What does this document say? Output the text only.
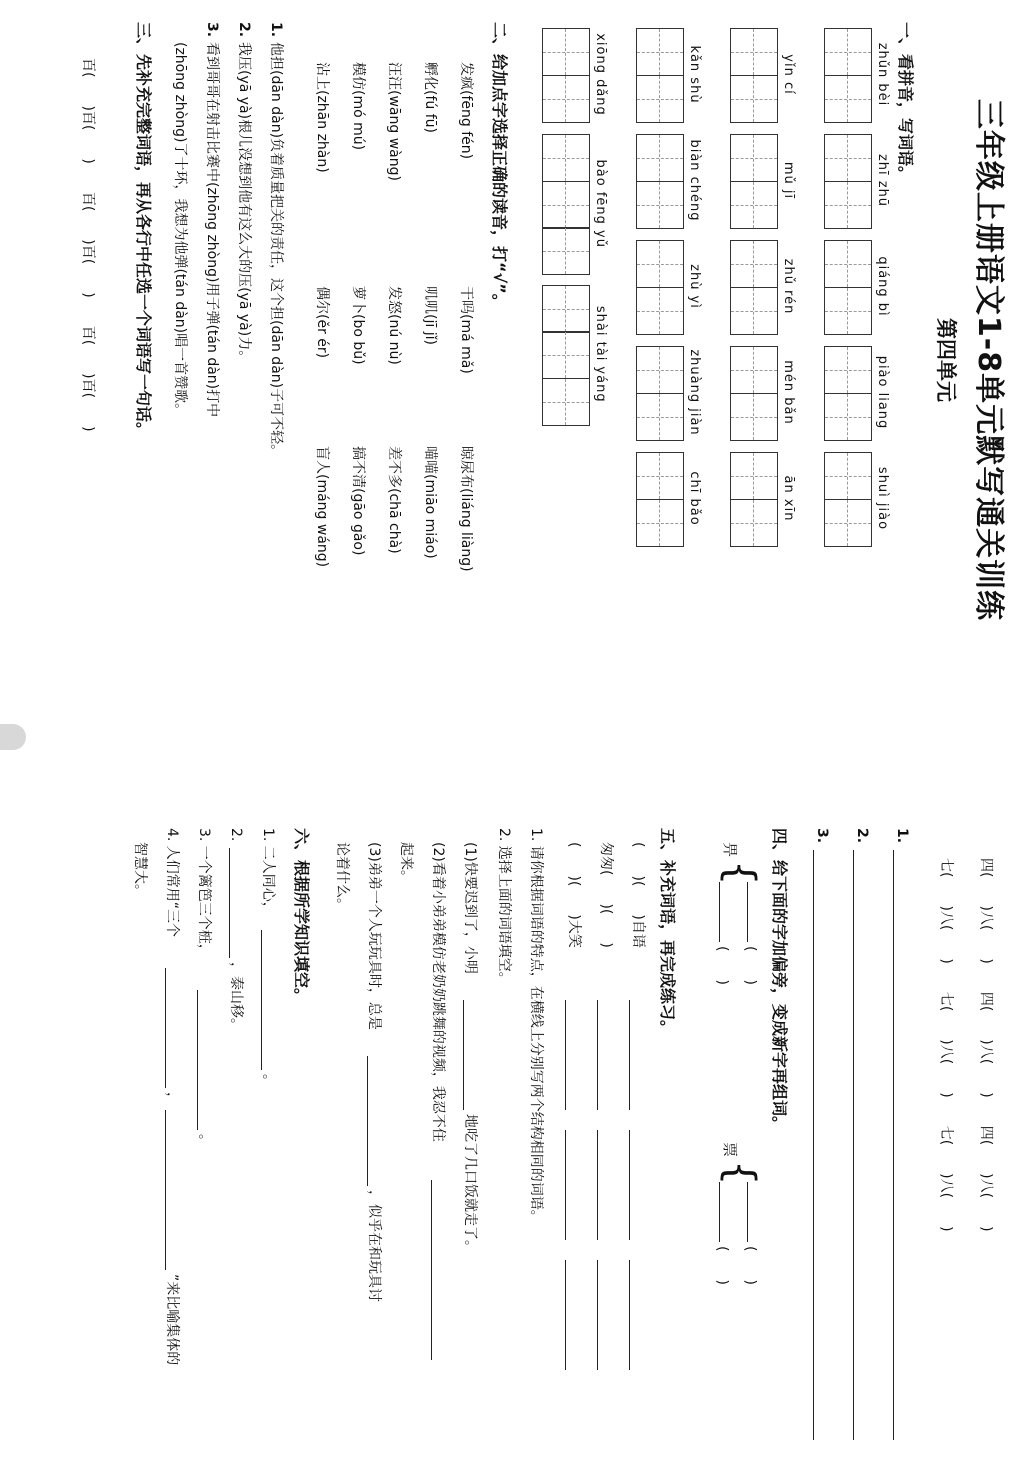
三年级上册语文1-8单元默写通关训练
第四单元
一、看拼音，写词语。
zhǔn bèi
zhī zhū
qiáng bì
piào liang
shuì jiào
yǐn cí
mǔ jī
zhǔ rén
mén bǎn
ān xīn
kǎn shù
biàn chéng
zhù yì
zhuàng jiàn
chī bǎo
xiōng dǎng
bào fēng yǔ
shài tài yáng
二、给加点字选择正确的读音，打“√”。
发疯(fēng fén)
干吗(má mǎ)
晾尿布(liáng liàng)
孵化(fú fū)
叽叽(jī jǐ)
喵喵(miāo miáo)
汪汪(wāng wàng)
发怒(nú nù)
差不多(chā chà)
模仿(mó mú)
萝卜(bo bǔ)
搞不清(gāo gǎo)
沾上(zhān zhàn)
偶尔(ěr ér)
盲人(máng wáng)
1.
他担(dān dàn)负着质量把关的责任，这个担(dān dàn)子可不轻。
2.
我压(yā yà)根儿没想到他有这么大的压(yā yà)力。
3.
看到哥哥在射击比赛中(zhōng zhòng)用子弹(tán dàn)打中
(zhōng zhòng)了十环，我想为他弹(tán dàn)唱一首赞歌。
三、先补充完整词语，再从各行中任选一个词语写一句话。
百(　　)百(　　)　　百(　　)百(　　)　　百(　　)百(　　)
四(　　)八(　　)　　四(　　)八(　　)　　四(　　)八(　　)
七(　　)八(　　)　　七(　　)八(　　)　　七(　　)八(　　)
1.
2.
3.
四、给下面的字加偏旁，变成新字再组词。
畀
{
(　　)
(　　)
票
{
(　　)
(　　)
五、补充词语，再完成练习。
(　　)(　　)自语
匆匆(　　)(　　)
(　　)(　　)大笑
1. 请你根据词语的特点，在横线上分别写两个结构相同的词语。
2. 选择上面的词语填空。
(1)快要迟到了，小明
地吃了几口饭就走了。
(2)看着小弟弟模仿老奶奶跳舞的视频，我忍不住
起来。
(3)弟弟一个人玩玩具时，总是
，似乎在和玩具讨
论着什么。
六、根据所学知识填空。
1. 二人同心，
。
2.
，泰山移。
3. 一个篱笆三个桩，
。
4. 人们常用“三个
，
”来比喻集体的
智慧大。
